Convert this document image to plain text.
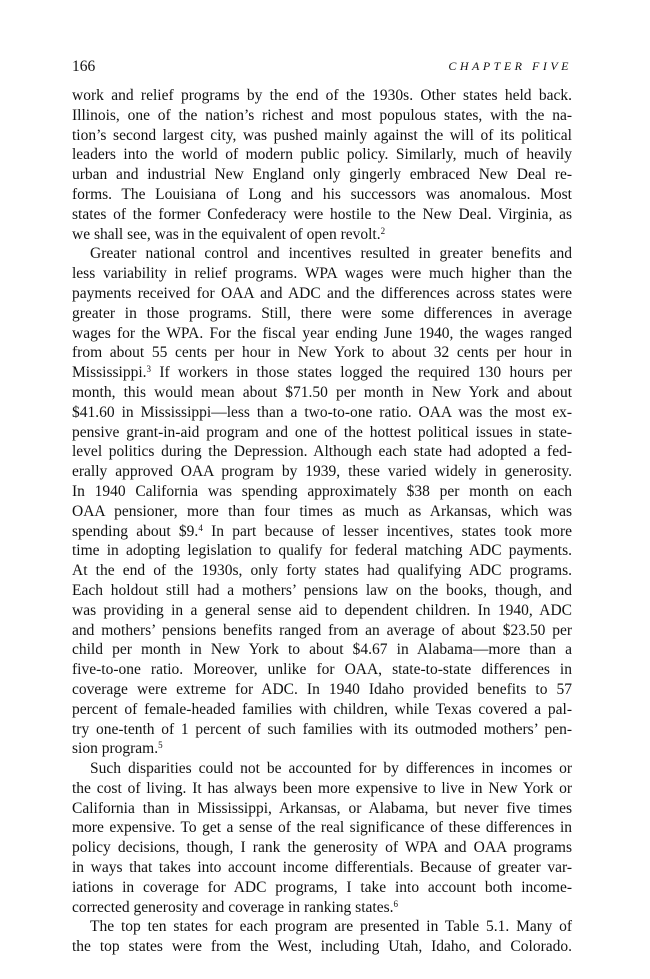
166	CHAPTER FIVE
work and relief programs by the end of the 1930s. Other states held back.
Illinois, one of the nation’s richest and most populous states, with the na-
tion’s second largest city, was pushed mainly against the will of its political
leaders into the world of modern public policy. Similarly, much of heavily
urban and industrial New England only gingerly embraced New Deal re-
forms. The Louisiana of Long and his successors was anomalous. Most
states of the former Confederacy were hostile to the New Deal. Virginia, as
we shall see, was in the equivalent of open revolt.$^2$
Greater national control and incentives resulted in greater benefits and
less variability in relief programs. WPA wages were much higher than the
payments received for OAA and ADC and the differences across states were
greater in those programs. Still, there were some differences in average
wages for the WPA. For the fiscal year ending June 1940, the wages ranged
from about 55 cents per hour in New York to about 32 cents per hour in
Mississippi.$^3$ If workers in those states logged the required 130 hours per
month, this would mean about $71.50 per month in New York and about
$41.60 in Mississippi—less than a two-to-one ratio. OAA was the most ex-
pensive grant-in-aid program and one of the hottest political issues in state-
level politics during the Depression. Although each state had adopted a fed-
erally approved OAA program by 1939, these varied widely in generosity.
In 1940 California was spending approximately $38 per month on each
OAA pensioner, more than four times as much as Arkansas, which was
spending about $9.$^4$ In part because of lesser incentives, states took more
time in adopting legislation to qualify for federal matching ADC payments.
At the end of the 1930s, only forty states had qualifying ADC programs.
Each holdout still had a mothers’ pensions law on the books, though, and
was providing in a general sense aid to dependent children. In 1940, ADC
and mothers’ pensions benefits ranged from an average of about $23.50 per
child per month in New York to about $4.67 in Alabama—more than a
five-to-one ratio. Moreover, unlike for OAA, state-to-state differences in
coverage were extreme for ADC. In 1940 Idaho provided benefits to 57
percent of female-headed families with children, while Texas covered a pal-
try one-tenth of 1 percent of such families with its outmoded mothers’ pen-
sion program.$^5$
Such disparities could not be accounted for by differences in incomes or
the cost of living. It has always been more expensive to live in New York or
California than in Mississippi, Arkansas, or Alabama, but never five times
more expensive. To get a sense of the real significance of these differences in
policy decisions, though, I rank the generosity of WPA and OAA programs
in ways that takes into account income differentials. Because of greater var-
iations in coverage for ADC programs, I take into account both income-
corrected generosity and coverage in ranking states.$^6$
The top ten states for each program are presented in Table 5.1. Many of
the top states were from the West, including Utah, Idaho, and Colorado.
